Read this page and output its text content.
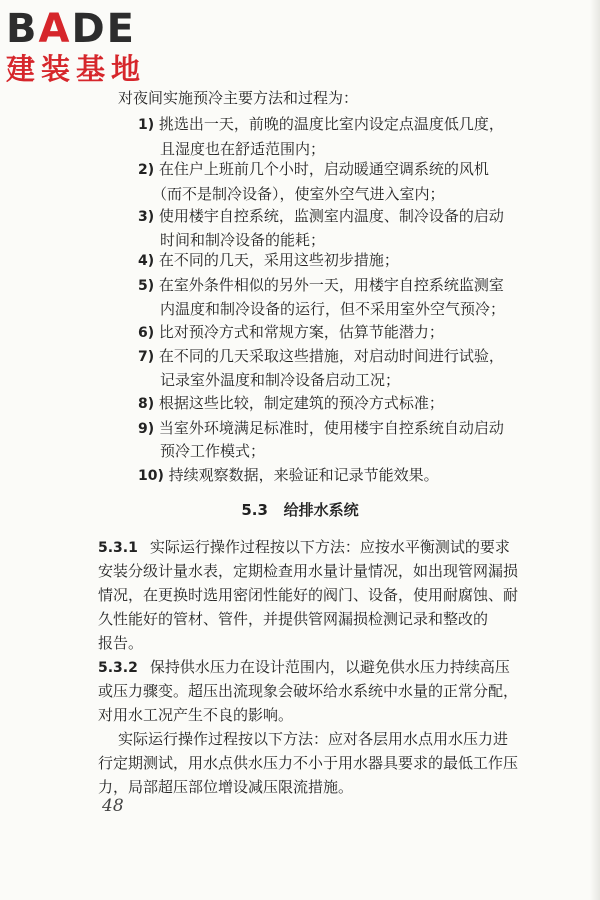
BADE
建装基地
对夜间实施预冷主要方法和过程为：
1) 挑选出一天，前晚的温度比室内设定点温度低几度，
且湿度也在舒适范围内；
2) 在住户上班前几个小时，启动暖通空调系统的风机
（而不是制冷设备），使室外空气进入室内；
3) 使用楼宇自控系统，监测室内温度、制冷设备的启动
时间和制冷设备的能耗；
4) 在不同的几天，采用这些初步措施；
5) 在室外条件相似的另外一天，用楼宇自控系统监测室
内温度和制冷设备的运行，但不采用室外空气预冷；
6) 比对预冷方式和常规方案，估算节能潜力；
7) 在不同的几天采取这些措施，对启动时间进行试验，
记录室外温度和制冷设备启动工况；
8) 根据这些比较，制定建筑的预冷方式标准；
9) 当室外环境满足标准时，使用楼宇自控系统自动启动
预冷工作模式；
10) 持续观察数据，来验证和记录节能效果。
5.3 给排水系统
5.3.1 实际运行操作过程按以下方法：应按水平衡测试的要求
安装分级计量水表，定期检查用水量计量情况，如出现管网漏损
情况，在更换时选用密闭性能好的阀门、设备，使用耐腐蚀、耐
久性能好的管材、管件，并提供管网漏损检测记录和整改的
报告。
5.3.2 保持供水压力在设计范围内，以避免供水压力持续高压
或压力骤变。超压出流现象会破坏给水系统中水量的正常分配，
对用水工况产生不良的影响。
实际运行操作过程按以下方法：应对各层用水点用水压力进
行定期测试，用水点供水压力不小于用水器具要求的最低工作压
力，局部超压部位增设减压限流措施。
48
